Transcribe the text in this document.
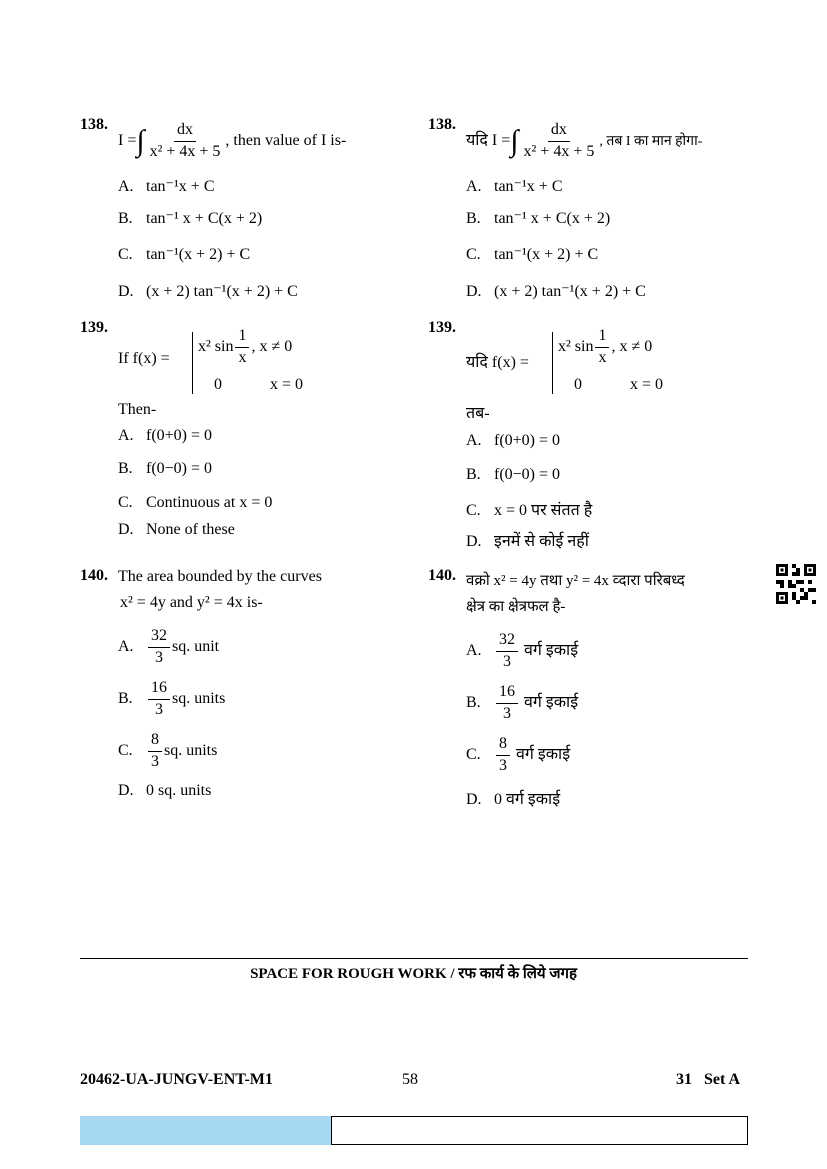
138.
I =∫ $\frac{dx}{\text{x² + 4x + 5}}$ , then value of I is-
A. tan⁻¹x + C
B. tan⁻¹ x + C(x + 2)
C. tan⁻¹(x + 2) + C
D. (x + 2) tan⁻¹(x + 2) + C
139.
If f(x) =
x² $\sin \frac{1}{x}$ , x ≠ 0
0	x = 0
Then-
A. f(0+0) = 0
B. f(0−0) = 0
C. Continuous at x = 0
D. None of these
140. The area bounded by the curves
x² = 4y and y² = 4x is-
A. $\frac{32}{3}$ sq. unit
B. $\frac{16}{3}$ sq. units
C. $\frac{8}{3}$ sq. units
D. 0 sq. units
138.
यदि I =∫ $\frac{dx}{\text{x² + 4x + 5}}$ , तब I का मान होगा-
A. tan⁻¹x + C
B. tan⁻¹ x + C(x + 2)
C. tan⁻¹(x + 2) + C
D. (x + 2) tan⁻¹(x + 2) + C
139.
यदि f(x) =
x² $\sin \frac{1}{x}$ , x ≠ 0
0	x = 0
तब-
A. f(0+0) = 0
B. f(0−0) = 0
C. x = 0 पर संतत है
D. इनमें से कोई नहीं
140. वक्रो x² = 4y तथा y² = 4x व्दारा परिबध्द
क्षेत्र का क्षेत्रफल है-
A. $\frac{32}{3}$ वर्ग इकाई
B. $\frac{16}{3}$ वर्ग इकाई
C. $\frac{8}{3}$ वर्ग इकाई
D. 0 वर्ग इकाई
SPACE FOR ROUGH WORK / रफ कार्य के लिये जगह
20462-UA-JUNGV-ENT-M1	58	31   Set A
